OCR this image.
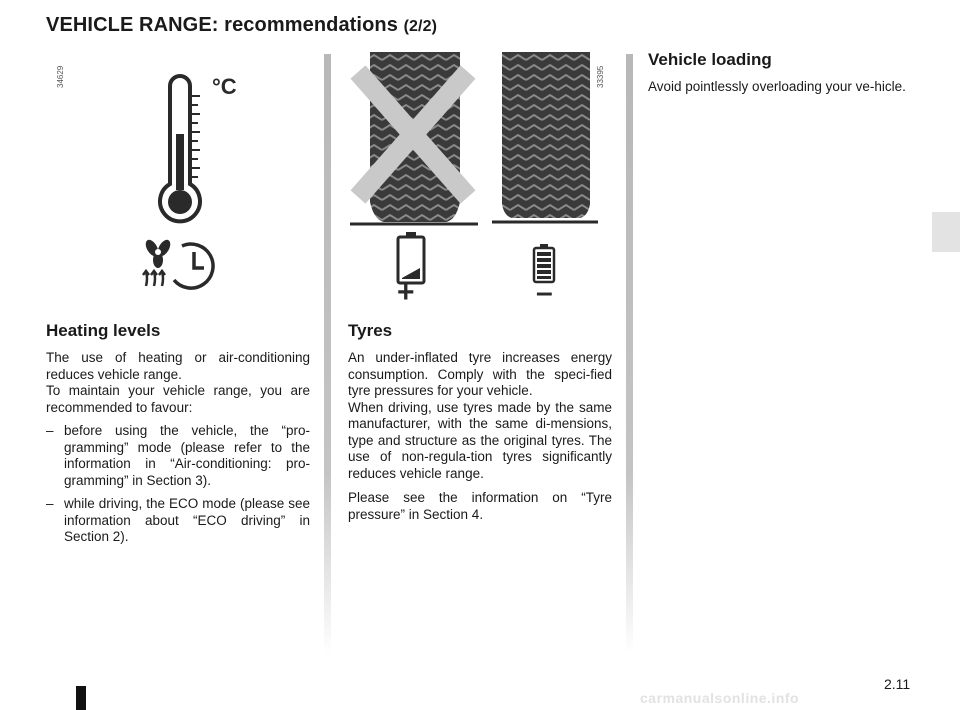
VEHICLE RANGE: recommendations (2/2)
34629	33395
°C
+	–
Heating levels

The use of heating or air-conditioning reduces vehicle range.

To maintain your vehicle range, you are recommended to favour:

– before using the vehicle, the “pro-gramming” mode (please refer to the information in “Air-conditioning: pro-gramming” in Section 3).
– while driving, the ECO mode (please see information about “ECO driving” in Section 2).
Tyres

An under-inflated tyre increases energy consumption. Comply with the speci-fied tyre pressures for your vehicle.

When driving, use tyres made by the same manufacturer, with the same di-mensions, type and structure as the original tyres. The use of non-regula-tion tyres significantly reduces vehicle range.

Please see the information on “Tyre pressure” in Section 4.

Vehicle loading

Avoid pointlessly overloading your ve-hicle.

2.11
carmanualsonline.info
